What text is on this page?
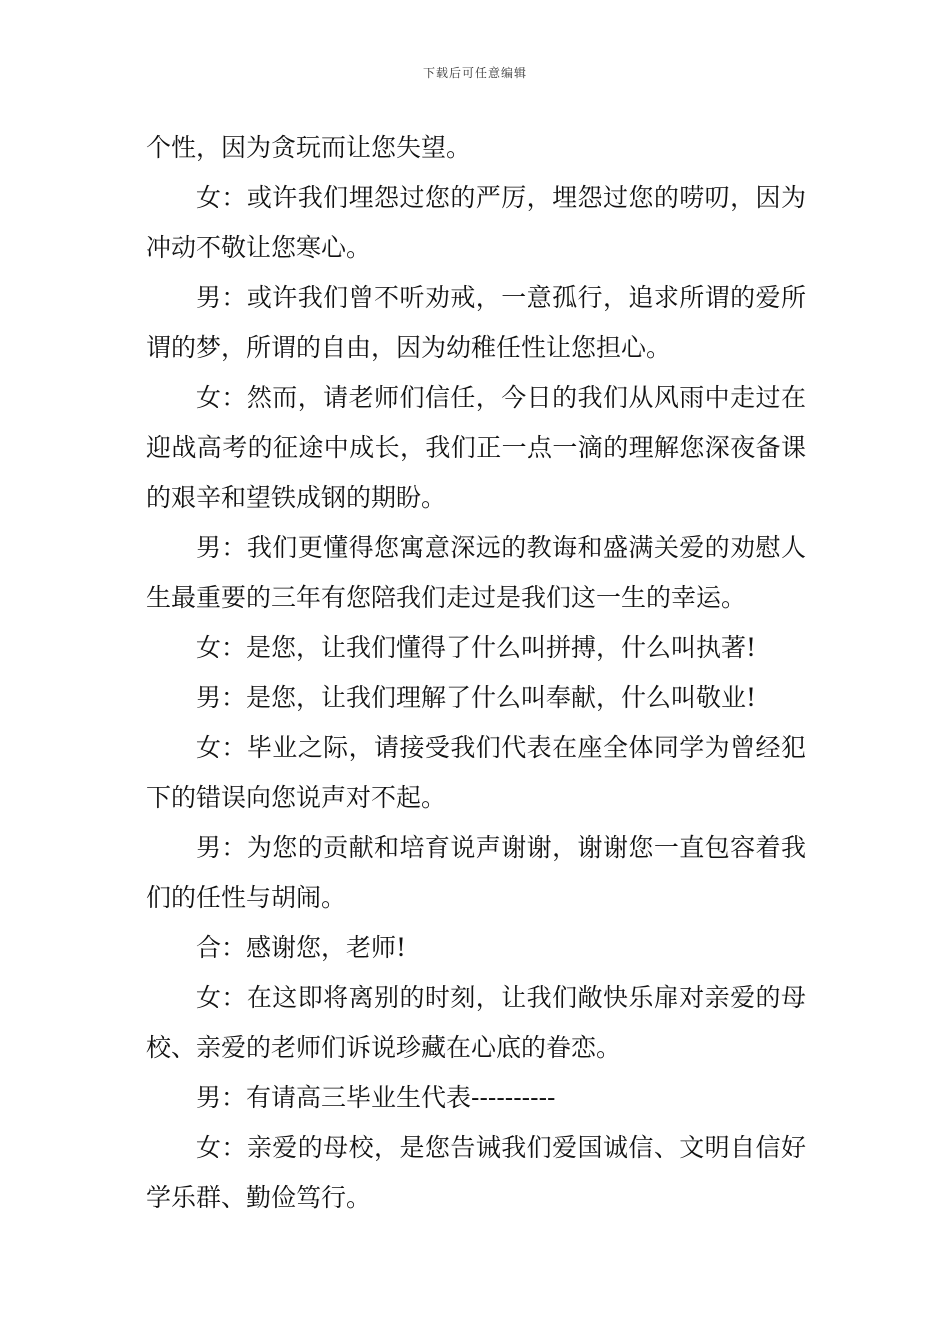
下载后可任意编辑

个性，因为贪玩而让您失望。

女：或许我们埋怨过您的严厉，埋怨过您的唠叨，因为冲动不敬让您寒心。

男：或许我们曾不听劝戒，一意孤行，追求所谓的爱所谓的梦，所谓的自由，因为幼稚任性让您担心。

女：然而，请老师们信任，今日的我们从风雨中走过在迎战高考的征途中成长，我们正一点一滴的理解您深夜备课的艰辛和望铁成钢的期盼。

男：我们更懂得您寓意深远的教诲和盛满关爱的劝慰人生最重要的三年有您陪我们走过是我们这一生的幸运。

女：是您，让我们懂得了什么叫拼搏，什么叫执著!

男：是您，让我们理解了什么叫奉献，什么叫敬业!

女：毕业之际，请接受我们代表在座全体同学为曾经犯下的错误向您说声对不起。

男：为您的贡献和培育说声谢谢，谢谢您一直包容着我们的任性与胡闹。

合：感谢您，老师!

女：在这即将离别的时刻，让我们敞快乐扉对亲爱的母校、亲爱的老师们诉说珍藏在心底的眷恋。

男：有请高三毕业生代表----------

女：亲爱的母校，是您告诫我们爱国诚信、文明自信好学乐群、勤俭笃行。
